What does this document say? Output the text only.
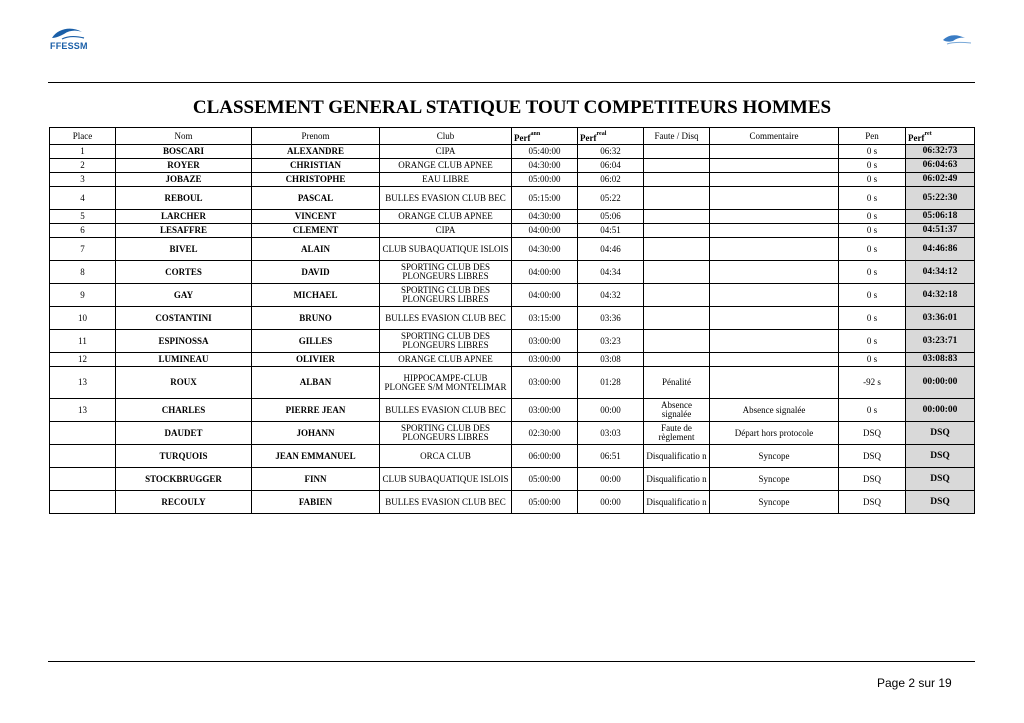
FFESSM
CLASSEMENT GENERAL STATIQUE TOUT COMPETITEURS HOMMES
Place	Nom	Prenom	Club	Perf$^{ann}$	Perf$^{real}$	Faute / Disq	Commentaire	Pen	Perf$^{ret}$
1	BOSCARI	ALEXANDRE	CIPA	05:40:00	06:32			0 s	06:32:73
2	ROYER	CHRISTIAN	ORANGE CLUB APNEE	04:30:00	06:04			0 s	06:04:63
3	JOBAZE	CHRISTOPHE	EAU LIBRE	05:00:00	06:02			0 s	06:02:49
4	REBOUL	PASCAL	BULLES EVASION CLUB BEC	05:15:00	05:22			0 s	05:22:30
5	LARCHER	VINCENT	ORANGE CLUB APNEE	04:30:00	05:06			0 s	05:06:18
6	LESAFFRE	CLEMENT	CIPA	04:00:00	04:51			0 s	04:51:37
7	BIVEL	ALAIN	CLUB SUBAQUATIQUE ISLOIS	04:30:00	04:46			0 s	04:46:86
8	CORTES	DAVID	SPORTING CLUB DES PLONGEURS LIBRES	04:00:00	04:34			0 s	04:34:12
9	GAY	MICHAEL	SPORTING CLUB DES PLONGEURS LIBRES	04:00:00	04:32			0 s	04:32:18
10	COSTANTINI	BRUNO	BULLES EVASION CLUB BEC	03:15:00	03:36			0 s	03:36:01
11	ESPINOSSA	GILLES	SPORTING CLUB DES PLONGEURS LIBRES	03:00:00	03:23			0 s	03:23:71
12	LUMINEAU	OLIVIER	ORANGE CLUB APNEE	03:00:00	03:08			0 s	03:08:83
13	ROUX	ALBAN	HIPPOCAMPE-CLUB PLONGEE S/M MONTELIMAR	03:00:00	01:28	Pénalité		-92 s	00:00:00
13	CHARLES	PIERRE JEAN	BULLES EVASION CLUB BEC	03:00:00	00:00	Absence signalée	Absence signalée	0 s	00:00:00
	DAUDET	JOHANN	SPORTING CLUB DES PLONGEURS LIBRES	02:30:00	03:03	Faute de règlement	Départ hors protocole	DSQ	DSQ
	TURQUOIS	JEAN EMMANUEL	ORCA CLUB	06:00:00	06:51	Disqualificatio n	Syncope	DSQ	DSQ
	STOCKBRUGGER	FINN	CLUB SUBAQUATIQUE ISLOIS	05:00:00	00:00	Disqualificatio n	Syncope	DSQ	DSQ
	RECOULY	FABIEN	BULLES EVASION CLUB BEC	05:00:00	00:00	Disqualificatio n	Syncope	DSQ	DSQ
Page 2 sur 19
